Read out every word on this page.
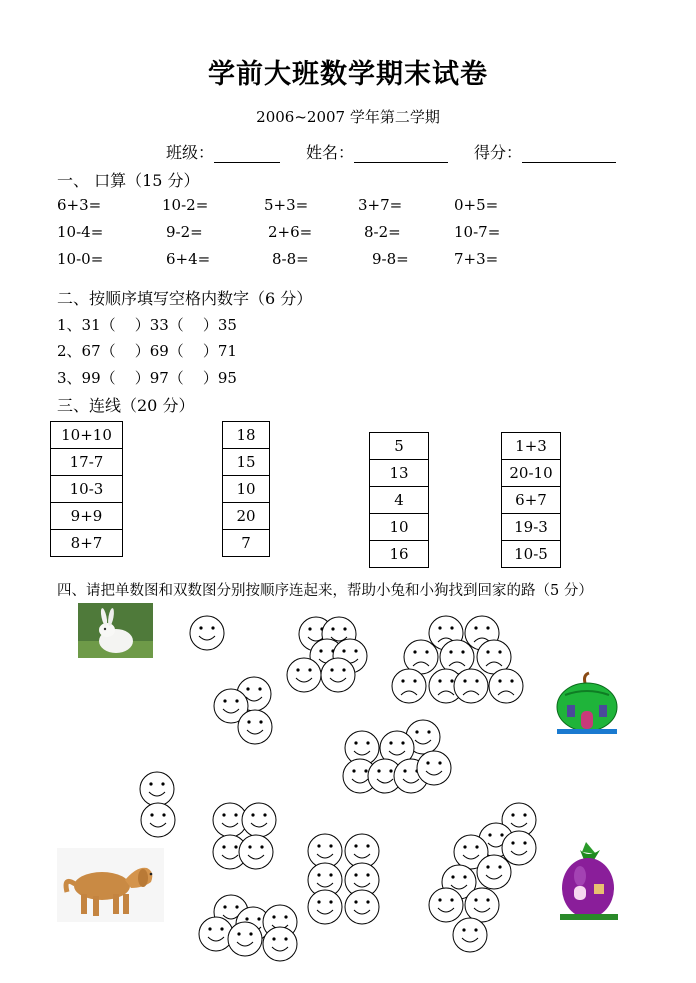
学前大班数学期末试卷
2006~2007 学年第二学期
班级：	姓名：	得分：
一、 口算（15 分）
6+3=	10-2=	5+3=	3+7=	0+5=
10-4=	9-2=	2+6=	8-2=	10-7=
10-0=	6+4=	8-8=	9-8=	7+3=
二、按顺序填写空格内数字（6 分）
1、31（    ）33（    ）35
2、67（    ）69（    ）71
3、99（    ）97（    ）95
三、连线（20 分）
10+10
17-7
10-3
9+9
8+7
18
15
10
20
7
5
13
4
10
16
1+3
20-10
6+7
19-3
10-5
四、请把单数图和双数图分别按顺序连起来，帮助小兔和小狗找到回家的路（5 分）
